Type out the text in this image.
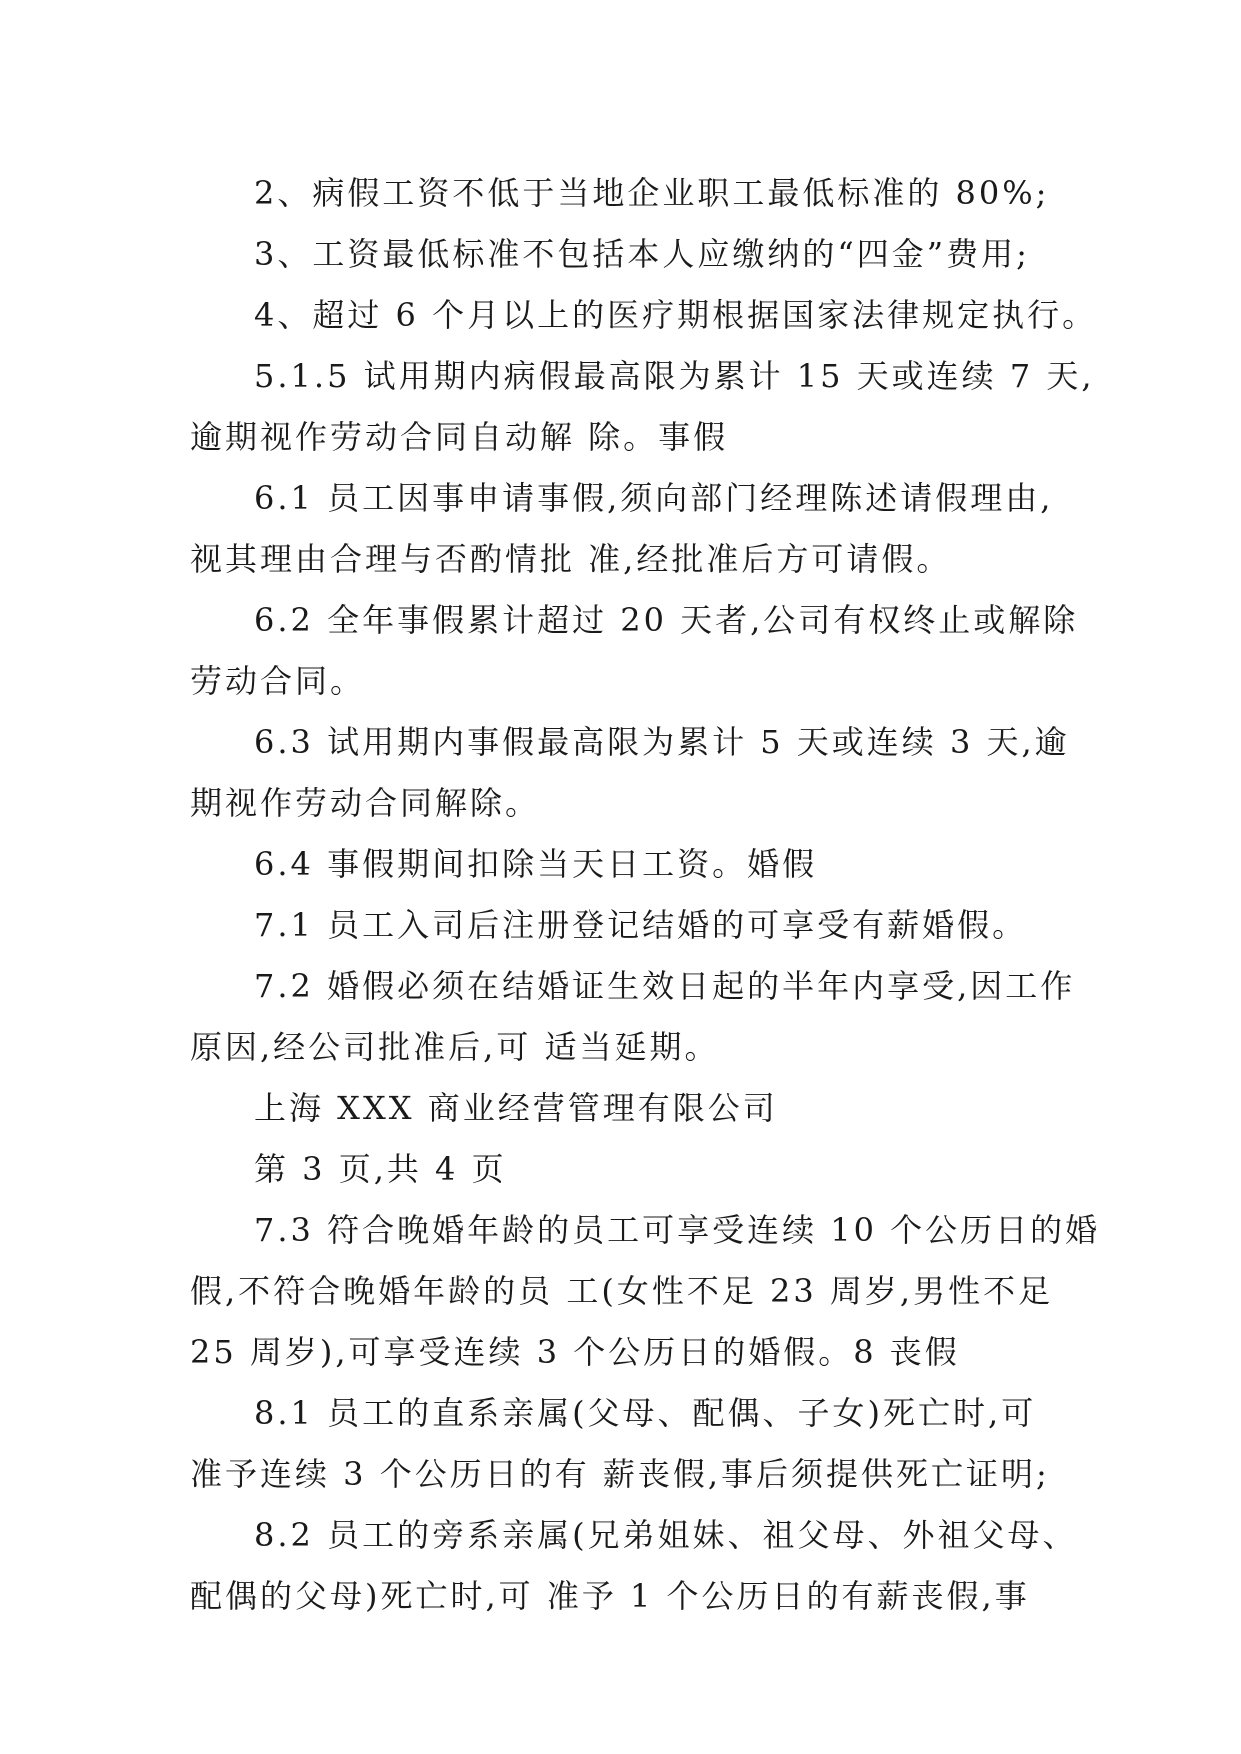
2、病假工资不低于当地企业职工最低标准的 80%;

3、工资最低标准不包括本人应缴纳的“四金”费用;

4、超过 6 个月以上的医疗期根据国家法律规定执行。

5.1.5 试用期内病假最高限为累计 15 天或连续 7 天,
逾期视作劳动合同自动解 除。事假

6.1 员工因事申请事假,须向部门经理陈述请假理由,
视其理由合理与否酌情批 准,经批准后方可请假。

6.2 全年事假累计超过 20 天者,公司有权终止或解除
劳动合同。

6.3 试用期内事假最高限为累计 5 天或连续 3 天,逾
期视作劳动合同解除。

6.4 事假期间扣除当天日工资。婚假

7.1 员工入司后注册登记结婚的可享受有薪婚假。

7.2 婚假必须在结婚证生效日起的半年内享受,因工作
原因,经公司批准后,可 适当延期。

上海 XXX 商业经营管理有限公司

第 3 页,共 4 页

7.3 符合晚婚年龄的员工可享受连续 10 个公历日的婚
假,不符合晚婚年龄的员 工(女性不足 23 周岁,男性不足
25 周岁),可享受连续 3 个公历日的婚假。8 丧假

8.1 员工的直系亲属(父母、配偶、子女)死亡时,可
准予连续 3 个公历日的有 薪丧假,事后须提供死亡证明;

8.2 员工的旁系亲属(兄弟姐妹、祖父母、外祖父母、
配偶的父母)死亡时,可 准予 1 个公历日的有薪丧假,事
